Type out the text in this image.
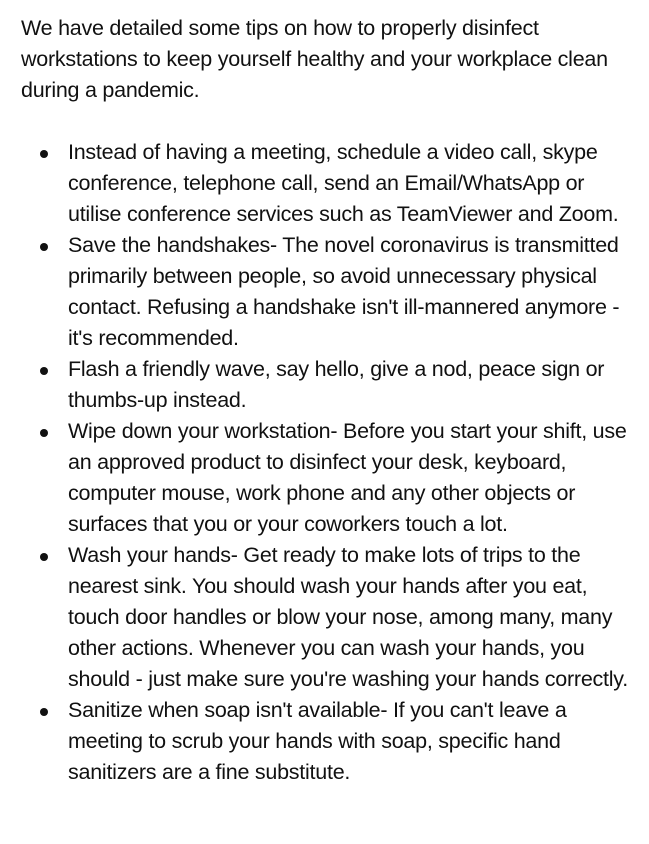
We have detailed some tips on how to properly disinfect workstations to keep yourself healthy and your workplace clean during a pandemic.

Instead of having a meeting, schedule a video call, skype conference, telephone call, send an Email/WhatsApp or utilise conference services such as TeamViewer and Zoom.
Save the handshakes- The novel coronavirus is transmitted primarily between people, so avoid unnecessary physical contact. Refusing a handshake isn't ill-mannered anymore - it's recommended.
Flash a friendly wave, say hello, give a nod, peace sign or thumbs-up instead.
Wipe down your workstation- Before you start your shift, use an approved product to disinfect your desk, keyboard, computer mouse, work phone and any other objects or surfaces that you or your coworkers touch a lot.
Wash your hands- Get ready to make lots of trips to the nearest sink. You should wash your hands after you eat, touch door handles or blow your nose, among many, many other actions. Whenever you can wash your hands, you should - just make sure you're washing your hands correctly.
Sanitize when soap isn't available- If you can't leave a meeting to scrub your hands with soap, specific hand sanitizers are a fine substitute.
